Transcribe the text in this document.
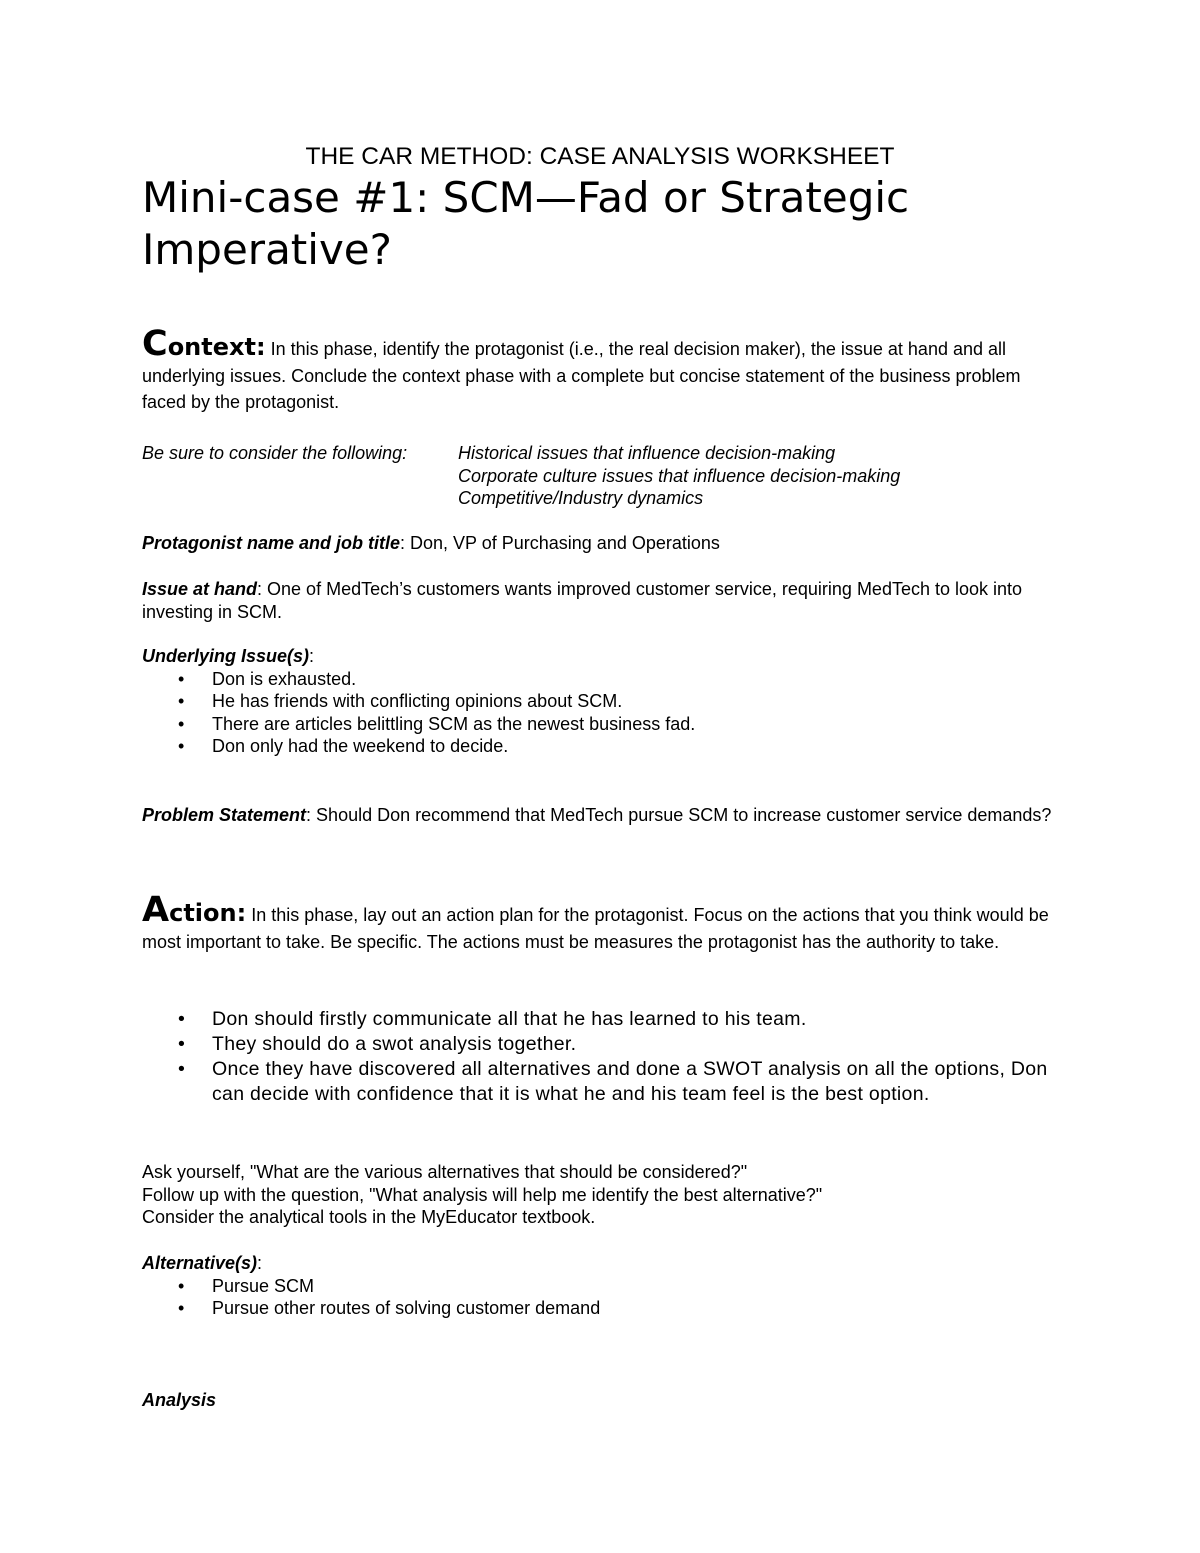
THE CAR METHOD: CASE ANALYSIS WORKSHEET
Mini-case #1: SCM—Fad or Strategic Imperative?

Context: In this phase, identify the protagonist (i.e., the real decision maker), the issue at hand and all underlying issues. Conclude the context phase with a complete but concise statement of the business problem faced by the protagonist.

Be sure to consider the following:	Historical issues that influence decision-making
Corporate culture issues that influence decision-making
Competitive/Industry dynamics

Protagonist name and job title: Don, VP of Purchasing and Operations

Issue at hand: One of MedTech’s customers wants improved customer service, requiring MedTech to look into investing in SCM.

Underlying Issue(s):

• Don is exhausted.
• He has friends with conflicting opinions about SCM.
• There are articles belittling SCM as the newest business fad.
• Don only had the weekend to decide.

Problem Statement: Should Don recommend that MedTech pursue SCM to increase customer service demands?

Action: In this phase, lay out an action plan for the protagonist. Focus on the actions that you think would be most important to take. Be specific. The actions must be measures the protagonist has the authority to take.

• Don should firstly communicate all that he has learned to his team.
• They should do a swot analysis together.
• Once they have discovered all alternatives and done a SWOT analysis on all the options, Don can decide with confidence that it is what he and his team feel is the best option.

Ask yourself, "What are the various alternatives that should be considered?"

Follow up with the question, "What analysis will help me identify the best alternative?"

Consider the analytical tools in the MyEducator textbook.

Alternative(s):

• Pursue SCM
• Pursue other routes of solving customer demand

Analysis
